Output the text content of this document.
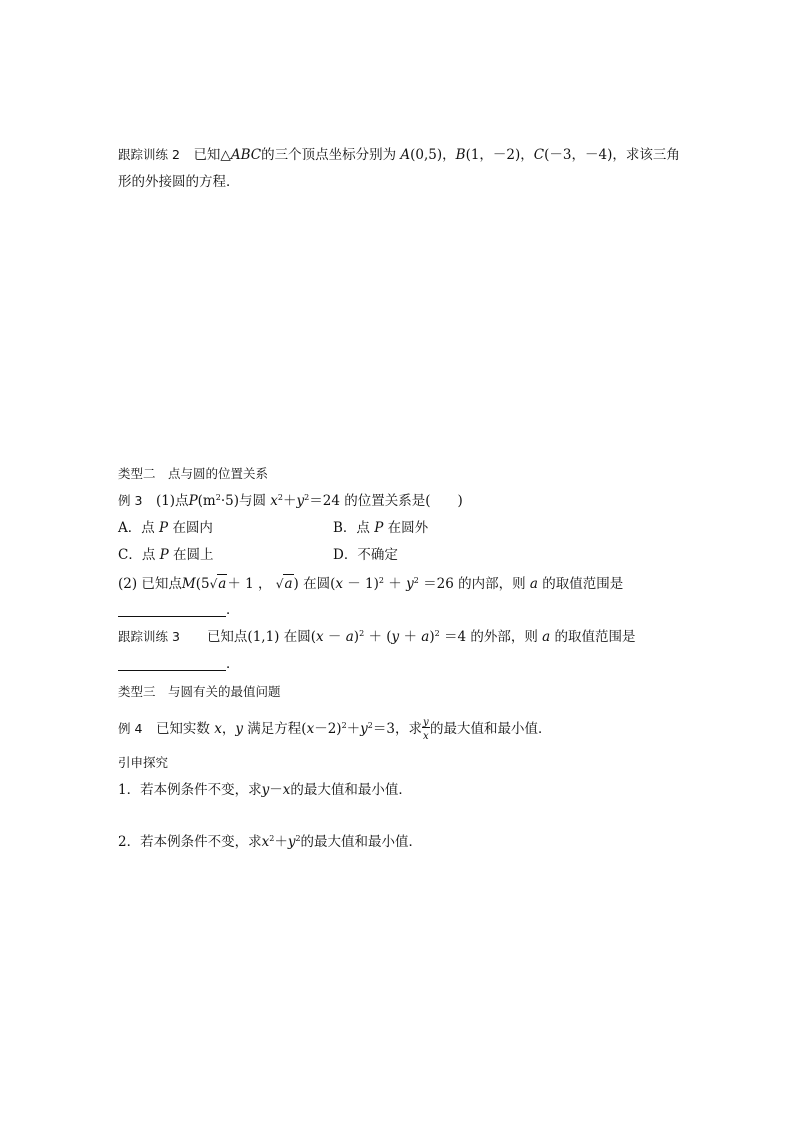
跟踪训练 2　 已知△ABC的三个顶点坐标分别为 A(0,5)，B(1，－2)，C(－3，－4)，求该三角
形的外接圆的方程．
类型二　点与圆的位置关系
例 3　 (1)点$P(m^2\cdot 5)$与圆 $x^2+y^2=24$ 的位置关系是(　　)
A．点 P 在圆内	B．点 P 在圆外
C．点 P 在圆上	D．不确定
(2) 已知点M(5√a＋ 1 ， √a) 在圆$(x - 1)^2 + y^2 =26$ 的内部，则 a 的取值范围是
．
跟踪训练 3　　 已知点(1,1) 在圆$(x - a)^2 + (y + a)^2 =4$ 的外部，则 a 的取值范围是
．
类型三　与圆有关的最值问题
例 4　 已知实数 x，y 满足方程$(x-2)^2+y^2=3$，求 $\frac{y}{x}$ 的最大值和最小值．
引申探究
1．若本例条件不变，求y－x的最大值和最小值．
2．若本例条件不变，求$x^2+y^2$的最大值和最小值．
